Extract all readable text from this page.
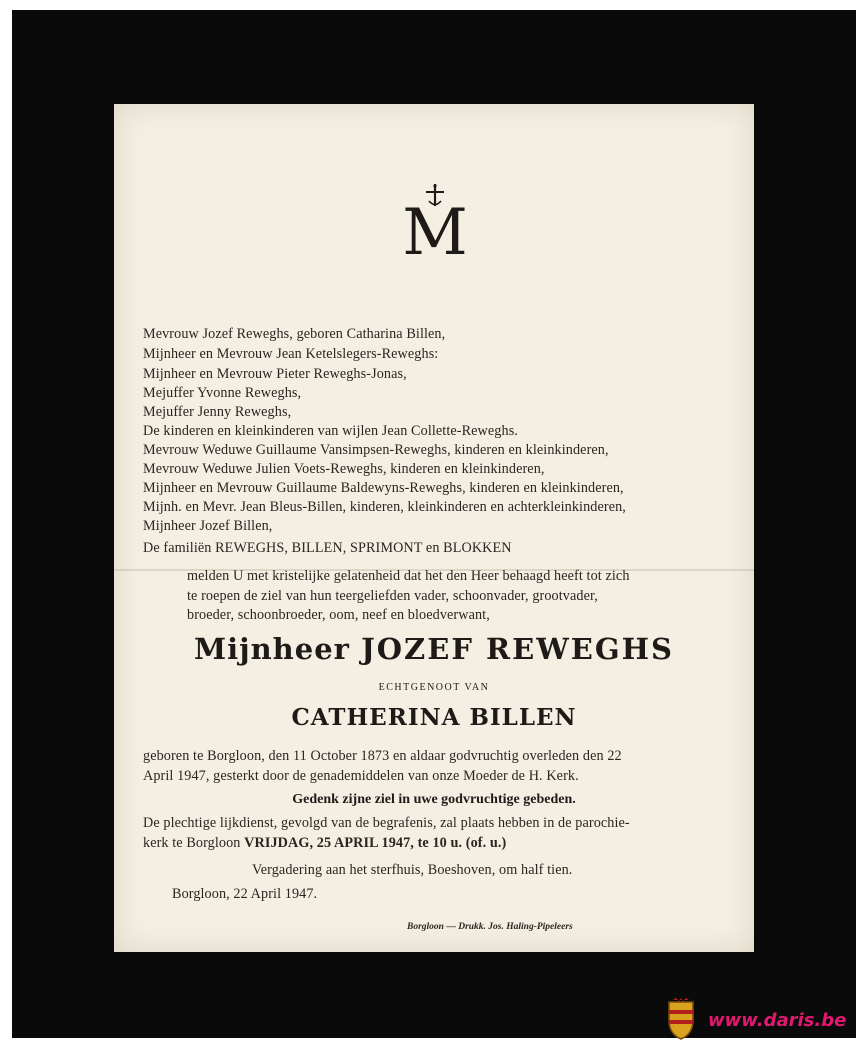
M
Mevrouw Jozef Reweghs, geboren Catharina Billen,
Mijnheer en Mevrouw Jean Ketelslegers-Reweghs:
Mijnheer en Mevrouw Pieter Reweghs-Jonas,
Mejuffer Yvonne Reweghs,
Mejuffer Jenny Reweghs,
De kinderen en kleinkinderen van wijlen Jean Collette-Reweghs.
Mevrouw Weduwe Guillaume Vansimpsen-Reweghs, kinderen en kleinkinderen,
Mevrouw Weduwe Julien Voets-Reweghs, kinderen en kleinkinderen,
Mijnheer en Mevrouw Guillaume Baldewyns-Reweghs, kinderen en kleinkinderen,
Mijnh. en Mevr. Jean Bleus-Billen, kinderen, kleinkinderen en achterkleinkinderen,
Mijnheer Jozef Billen,
De familiën REWEGHS, BILLEN, SPRIMONT en BLOKKEN
melden U met kristelijke gelatenheid dat het den Heer behaagd heeft tot zich
te roepen de ziel van hun teergeliefden vader, schoonvader, grootvader,
broeder, schoonbroeder, oom, neef en bloedverwant,
Mijnheer JOZEF REWEGHS
ECHTGENOOT VAN
CATHERINA BILLEN
geboren te Borgloon, den 11 October 1873 en aldaar godvruchtig overleden den 22
April 1947, gesterkt door de genademiddelen van onze Moeder de H. Kerk.
Gedenk zijne ziel in uwe godvruchtige gebeden.
De plechtige lijkdienst, gevolgd van de begrafenis, zal plaats hebben in de parochie-
kerk te Borgloon VRIJDAG, 25 APRIL 1947, te 10 u. (of. u.)
Vergadering aan het sterfhuis, Boeshoven, om half tien.
Borgloon, 22 April 1947.
Borgloon — Drukk. Jos. Haling-Pipeleers
www.daris.be
